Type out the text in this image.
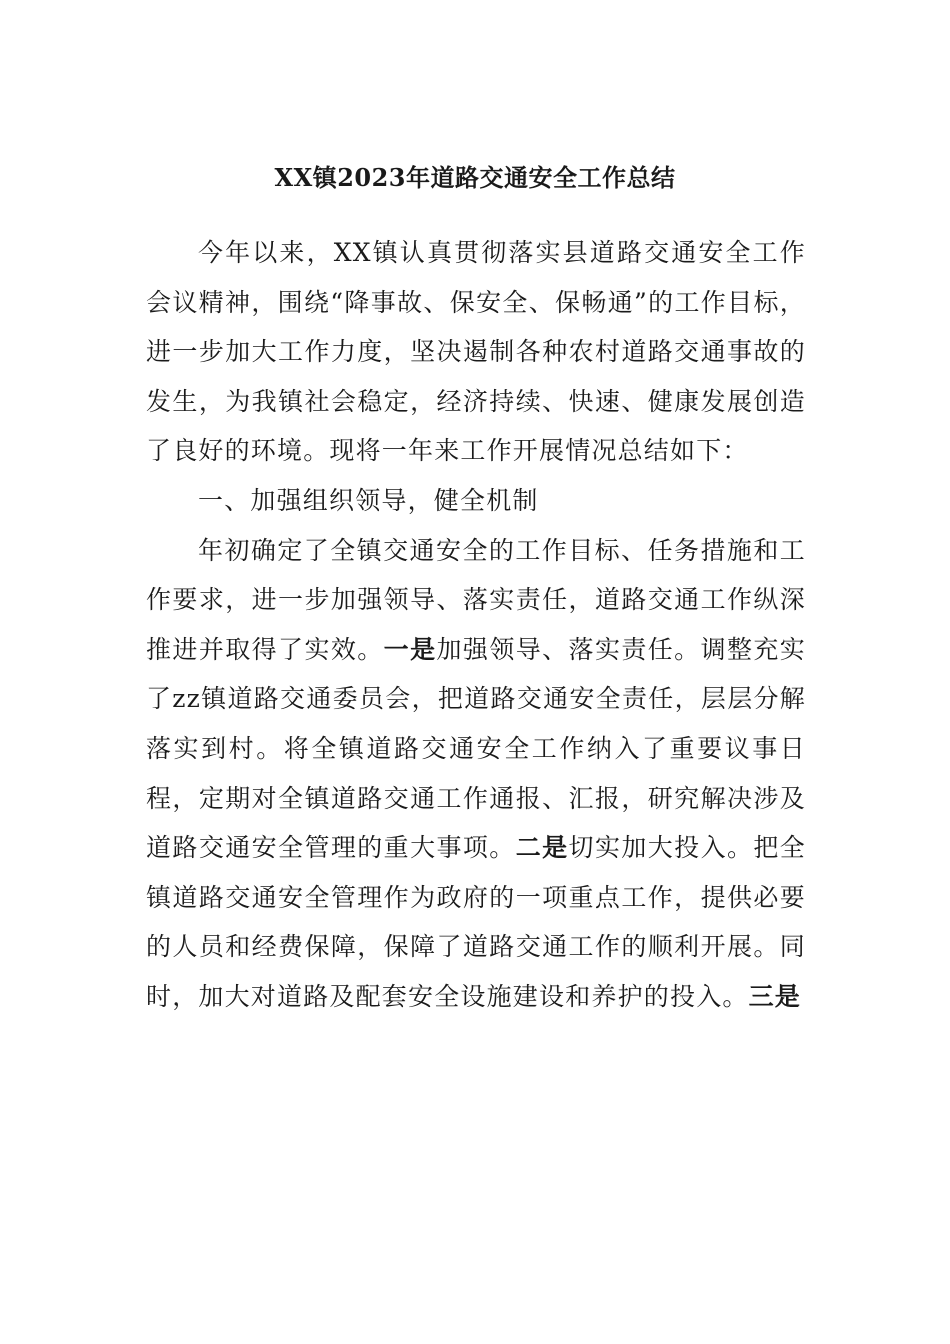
XX镇2023年道路交通安全工作总结

今年以来，XX镇认真贯彻落实县道路交通安全工作会议精神，围绕“降事故、保安全、保畅通”的工作目标，进一步加大工作力度，坚决遏制各种农村道路交通事故的发生，为我镇社会稳定，经济持续、快速、健康发展创造了良好的环境。现将一年来工作开展情况总结如下：

一、加强组织领导，健全机制

年初确定了全镇交通安全的工作目标、任务措施和工作要求，进一步加强领导、落实责任，道路交通工作纵深推进并取得了实效。一是加强领导、落实责任。调整充实了zz镇道路交通委员会，把道路交通安全责任，层层分解落实到村。将全镇道路交通安全工作纳入了重要议事日程，定期对全镇道路交通工作通报、汇报，研究解决涉及道路交通安全管理的重大事项。二是切实加大投入。把全镇道路交通安全管理作为政府的一项重点工作，提供必要的人员和经费保障，保障了道路交通工作的顺利开展。同时，加大对道路及配套安全设施建设和养护的投入。三是
